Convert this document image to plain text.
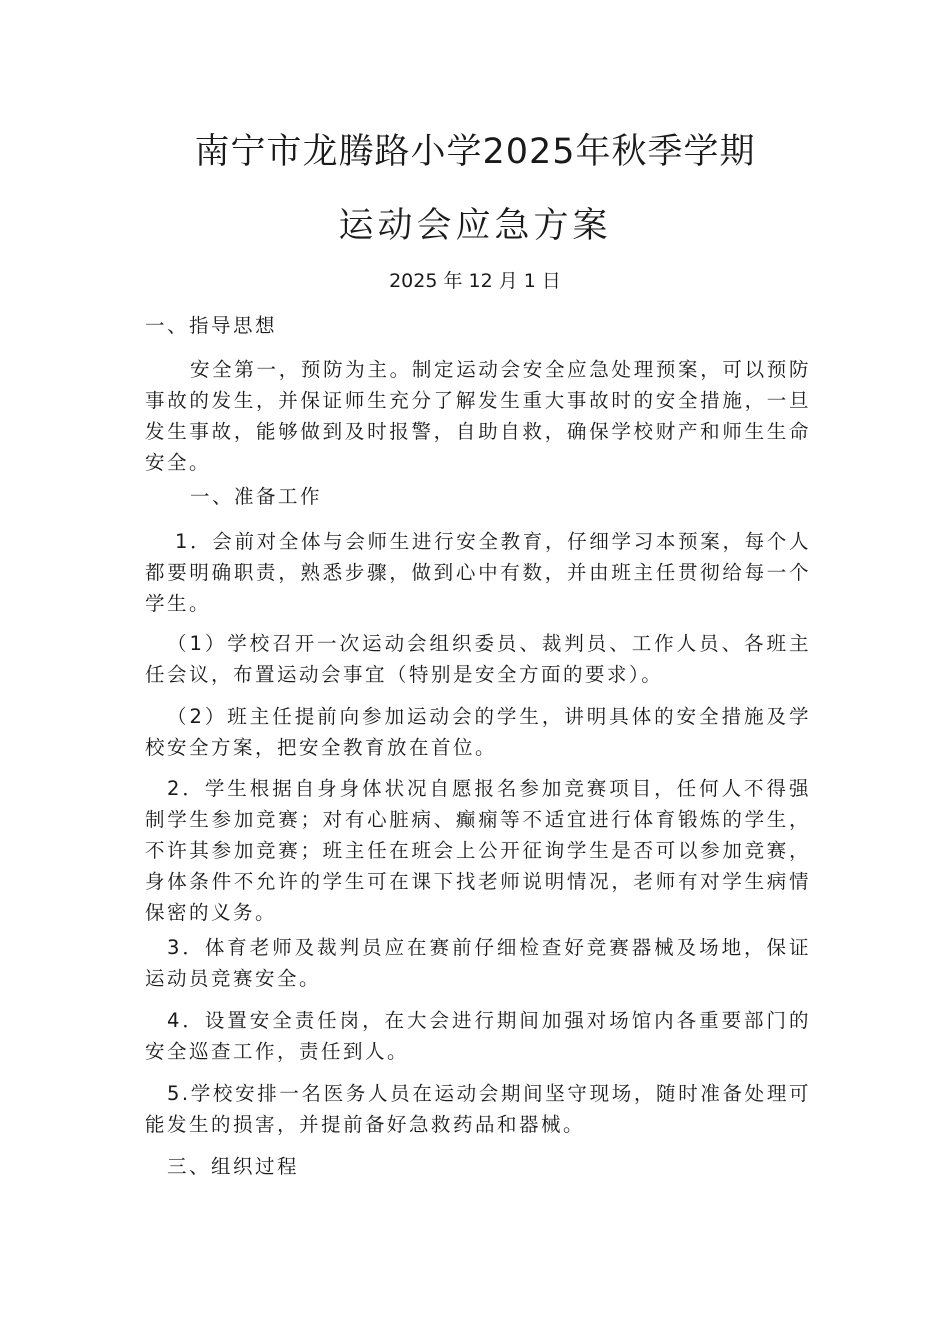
南宁市龙腾路小学2025年秋季学期
运动会应急方案
2025 年 12 月 1 日
一、指导思想
安全第一，预防为主。制定运动会安全应急处理预案，可以预防事故的发生，并保证师生充分了解发生重大事故时的安全措施，一旦发生事故，能够做到及时报警，自助自救，确保学校财产和师生生命安全。
一、准备工作
1．会前对全体与会师生进行安全教育，仔细学习本预案，每个人都要明确职责，熟悉步骤，做到心中有数，并由班主任贯彻给每一个学生。
（1）学校召开一次运动会组织委员、裁判员、工作人员、各班主任会议，布置运动会事宜（特别是安全方面的要求）。
（2）班主任提前向参加运动会的学生，讲明具体的安全措施及学校安全方案，把安全教育放在首位。
2．学生根据自身身体状况自愿报名参加竞赛项目，任何人不得强制学生参加竞赛；对有心脏病、癫痫等不适宜进行体育锻炼的学生，不许其参加竞赛；班主任在班会上公开征询学生是否可以参加竞赛，身体条件不允许的学生可在课下找老师说明情况，老师有对学生病情保密的义务。
3．体育老师及裁判员应在赛前仔细检查好竞赛器械及场地，保证运动员竞赛安全。
4．设置安全责任岗，在大会进行期间加强对场馆内各重要部门的安全巡查工作，责任到人。
5.学校安排一名医务人员在运动会期间坚守现场，随时准备处理可能发生的损害，并提前备好急救药品和器械。
三、组织过程
